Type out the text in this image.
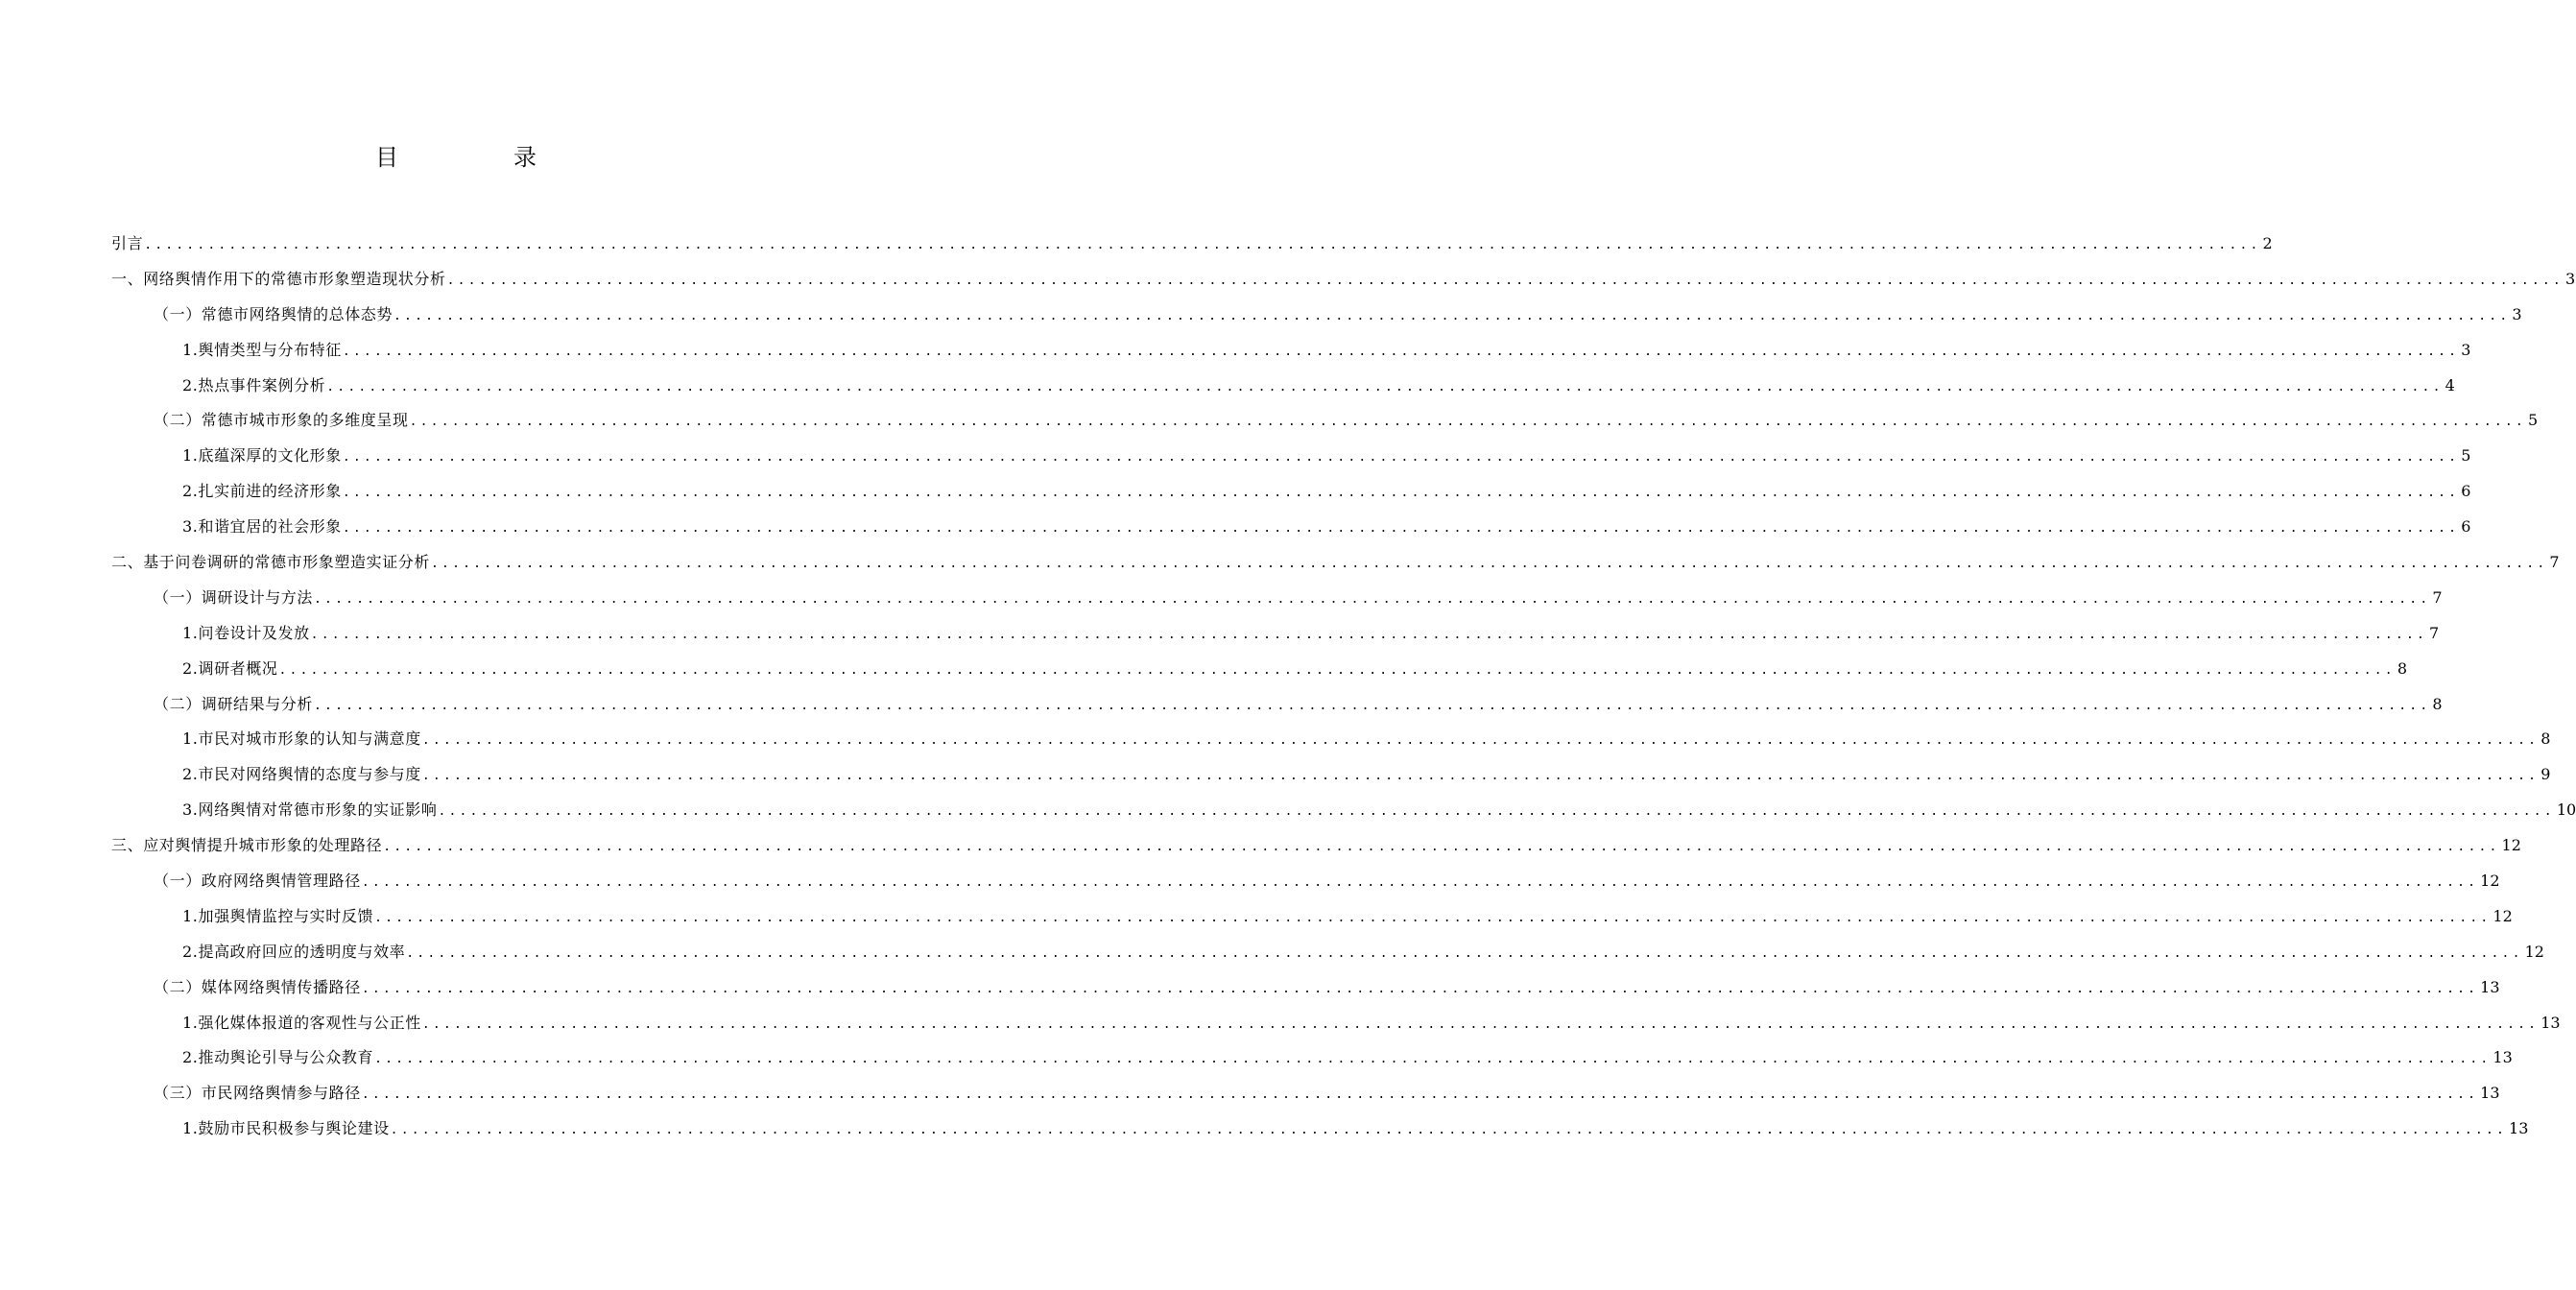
目　录
引言 ........................................................................................................................................................................................................ 2
一、网络舆情作用下的常德市形象塑造现状分析 ........................................................................................................................................................................................................ 3
（一）常德市网络舆情的总体态势 ........................................................................................................................................................................................................ 3
1.舆情类型与分布特征 ........................................................................................................................................................................................................ 3
2.热点事件案例分析 ........................................................................................................................................................................................................ 4
（二）常德市城市形象的多维度呈现 ........................................................................................................................................................................................................ 5
1.底蕴深厚的文化形象 ........................................................................................................................................................................................................ 5
2.扎实前进的经济形象 ........................................................................................................................................................................................................ 6
3.和谐宜居的社会形象 ........................................................................................................................................................................................................ 6
二、基于问卷调研的常德市形象塑造实证分析 ........................................................................................................................................................................................................ 7
（一）调研设计与方法 ........................................................................................................................................................................................................ 7
1.问卷设计及发放 ........................................................................................................................................................................................................ 7
2.调研者概况 ........................................................................................................................................................................................................ 8
（二）调研结果与分析 ........................................................................................................................................................................................................ 8
1.市民对城市形象的认知与满意度 ........................................................................................................................................................................................................ 8
2.市民对网络舆情的态度与参与度 ........................................................................................................................................................................................................ 9
3.网络舆情对常德市形象的实证影响 ........................................................................................................................................................................................................ 10
三、应对舆情提升城市形象的处理路径 ........................................................................................................................................................................................................ 12
（一）政府网络舆情管理路径 ........................................................................................................................................................................................................ 12
1.加强舆情监控与实时反馈 ........................................................................................................................................................................................................ 12
2.提高政府回应的透明度与效率 ........................................................................................................................................................................................................ 12
（二）媒体网络舆情传播路径 ........................................................................................................................................................................................................ 13
1.强化媒体报道的客观性与公正性 ........................................................................................................................................................................................................ 13
2.推动舆论引导与公众教育 ........................................................................................................................................................................................................ 13
（三）市民网络舆情参与路径 ........................................................................................................................................................................................................ 13
1.鼓励市民积极参与舆论建设 ........................................................................................................................................................................................................ 13
